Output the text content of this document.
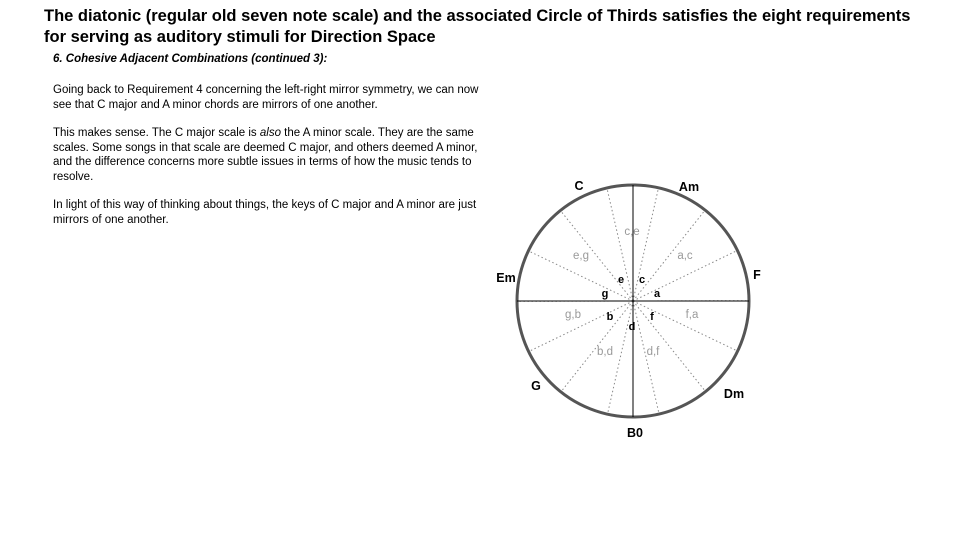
The diatonic (regular old seven note scale) and the associated Circle of Thirds satisfies the eight requirements for serving as auditory stimuli for Direction Space
6. Cohesive Adjacent Combinations (continued 3):
Going back to Requirement 4 concerning the left-right mirror symmetry, we can now see that C major and A minor chords are mirrors of one another.
This makes sense. The C major scale is also the A minor scale. They are the same scales. Some songs in that scale are deemed C major, and others deemed A minor, and the difference concerns more subtle issues in terms of how the music tends to resolve.
In light of this way of thinking about things, the keys of C major and A minor are just mirrors of one another.
C	Am
F
Dm
B0
G
Em
c,e
a,c
f,a
d,f
b,d
g,b
e,g
e c
a
f
d
b
g
